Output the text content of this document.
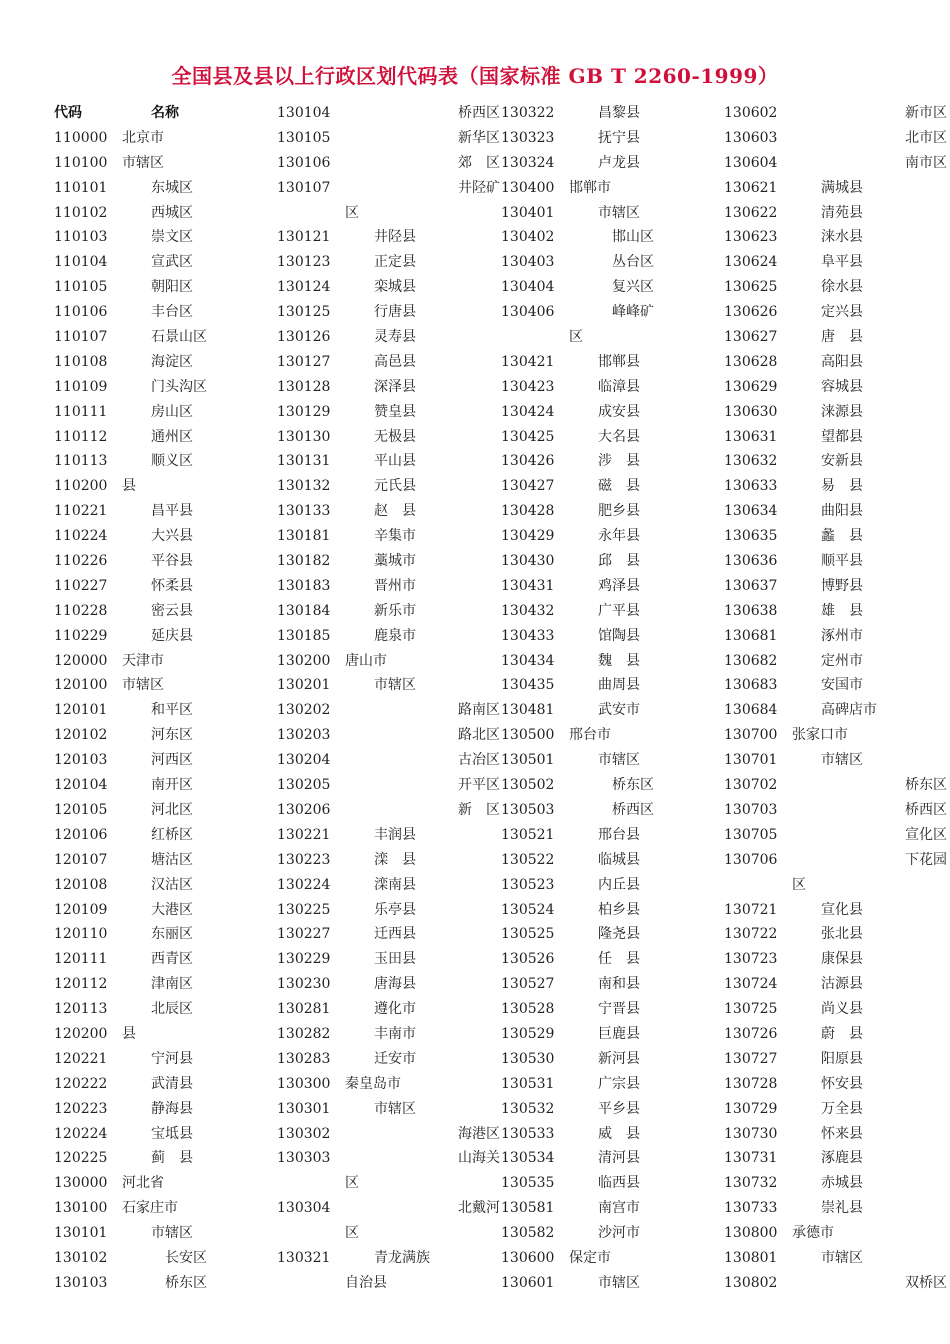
全国县及县以上行政区划代码表（国家标准 GB T 2260-1999）
代码	名称
110000 北京市
110100 市辖区
110101	东城区
110102	西城区
110103	崇文区
110104	宣武区
110105	朝阳区
110106	丰台区
110107	石景山区
110108	海淀区
110109	门头沟区
110111	房山区
110112	通州区
110113	顺义区
110200 县
110221	昌平县
110224	大兴县
110226	平谷县
110227	怀柔县
110228	密云县
110229	延庆县
120000 天津市
120100 市辖区
120101	和平区
120102	河东区
120103	河西区
120104	南开区
120105	河北区
120106	红桥区
120107	塘沽区
120108	汉沽区
120109	大港区
120110	东丽区
120111	西青区
120112	津南区
120113	北辰区
120200 县
120221	宁河县
120222	武清县
120223	静海县
120224	宝坻县
120225	蓟　县
130000 河北省
130100 石家庄市
130101	市辖区
130102	长安区
130103	桥东区
130104	桥西区
130105	新华区
130106	郊　区
130107	井陉矿
区
130121	井陉县
130123	正定县
130124	栾城县
130125	行唐县
130126	灵寿县
130127	高邑县
130128	深泽县
130129	赞皇县
130130	无极县
130131	平山县
130132	元氏县
130133	赵　县
130181	辛集市
130182	藁城市
130183	晋州市
130184	新乐市
130185	鹿泉市
130200 唐山市
130201	市辖区
130202	路南区
130203	路北区
130204	古冶区
130205	开平区
130206	新　区
130221	丰润县
130223	滦　县
130224	滦南县
130225	乐亭县
130227	迁西县
130229	玉田县
130230	唐海县
130281	遵化市
130282	丰南市
130283	迁安市
130300 秦皇岛市
130301	市辖区
130302	海港区
130303	山海关
区
130304	北戴河
区
130321	青龙满族
自治县
130322	昌黎县
130323	抚宁县
130324	卢龙县
130400 邯郸市
130401	市辖区
130402	邯山区
130403	丛台区
130404	复兴区
130406	峰峰矿
区
130421	邯郸县
130423	临漳县
130424	成安县
130425	大名县
130426	涉　县
130427	磁　县
130428	肥乡县
130429	永年县
130430	邱　县
130431	鸡泽县
130432	广平县
130433	馆陶县
130434	魏　县
130435	曲周县
130481	武安市
130500 邢台市
130501	市辖区
130502	桥东区
130503	桥西区
130521	邢台县
130522	临城县
130523	内丘县
130524	柏乡县
130525	隆尧县
130526	任　县
130527	南和县
130528	宁晋县
130529	巨鹿县
130530	新河县
130531	广宗县
130532	平乡县
130533	威　县
130534	清河县
130535	临西县
130581	南宫市
130582	沙河市
130600 保定市
130601	市辖区
130602	新市区
130603	北市区
130604	南市区
130621	满城县
130622	清苑县
130623	涞水县
130624	阜平县
130625	徐水县
130626	定兴县
130627	唐　县
130628	高阳县
130629	容城县
130630	涞源县
130631	望都县
130632	安新县
130633	易　县
130634	曲阳县
130635	蠡　县
130636	顺平县
130637	博野县
130638	雄　县
130681	涿州市
130682	定州市
130683	安国市
130684	高碑店市
130700 张家口市
130701	市辖区
130702	桥东区
130703	桥西区
130705	宣化区
130706	下花园
区
130721	宣化县
130722	张北县
130723	康保县
130724	沽源县
130725	尚义县
130726	蔚　县
130727	阳原县
130728	怀安县
130729	万全县
130730	怀来县
130731	涿鹿县
130732	赤城县
130733	崇礼县
130800 承德市
130801	市辖区
130802	双桥区
